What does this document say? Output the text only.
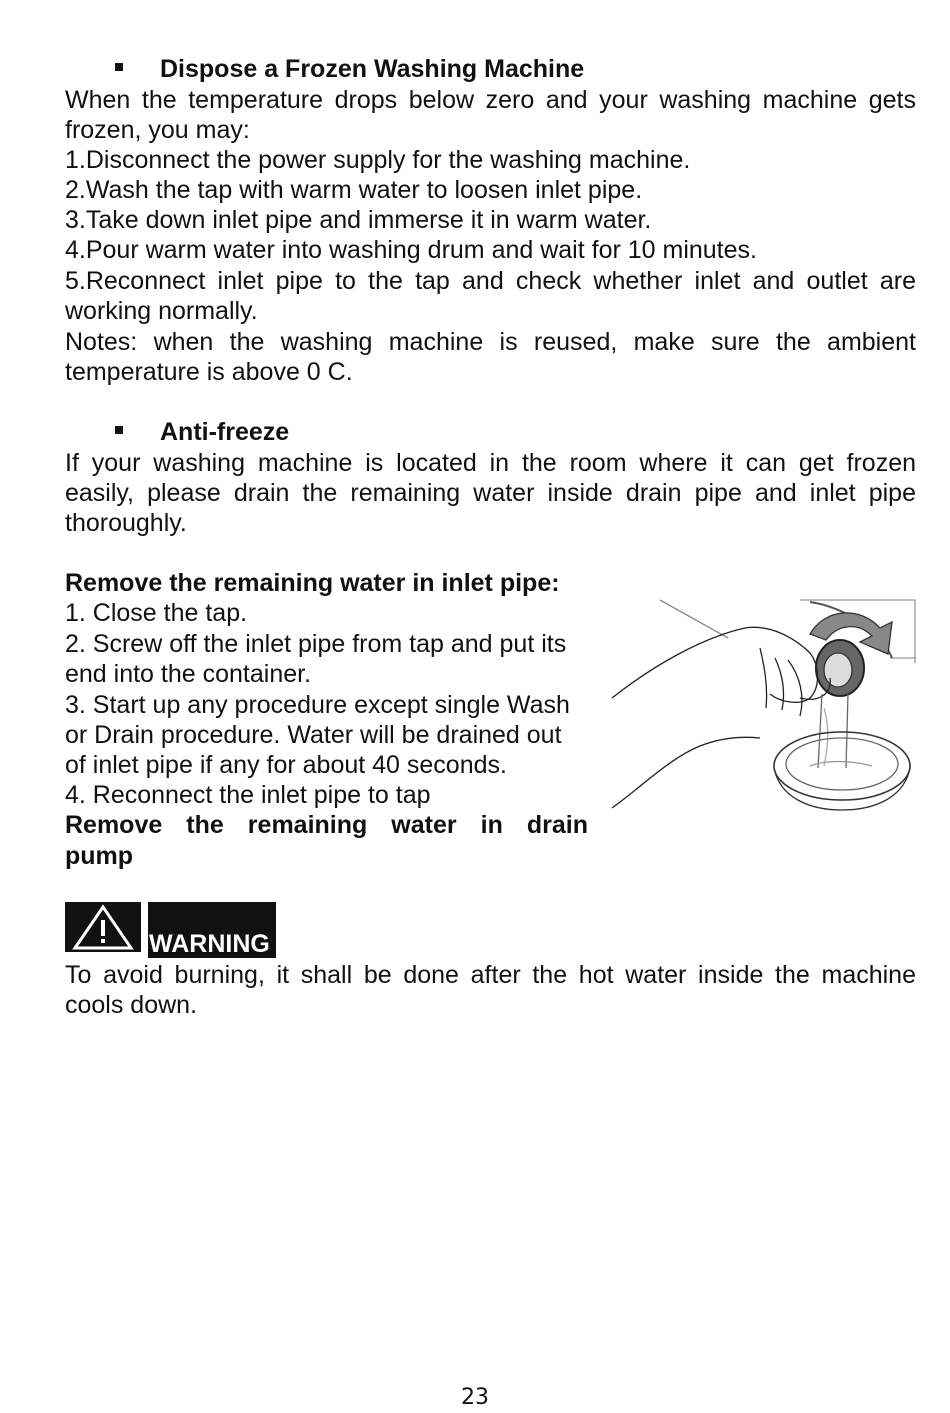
Dispose a Frozen Washing Machine
When the temperature drops below zero and your washing machine gets
frozen, you may:
1.Disconnect the power supply for the washing machine.
2.Wash the tap with warm water to loosen inlet pipe.
3.Take down inlet pipe and immerse it in warm water.
4.Pour warm water into washing drum and wait for 10 minutes.
5.Reconnect inlet pipe to the tap and check whether inlet and outlet are
working normally.
Notes: when the washing machine is reused, make sure the ambient
temperature is above 0 C.
Anti-freeze
If your washing machine is located in the room where it can get frozen
easily, please drain the remaining water inside drain pipe and inlet pipe
thoroughly.
Remove the remaining water in inlet pipe:
1. Close the tap.
2. Screw off the inlet pipe from tap and put its
end into the container.
3. Start up any procedure except single Wash
or Drain procedure. Water will be drained out
of inlet pipe if any for about 40 seconds.
4. Reconnect the inlet pipe to tap
Remove the remaining water in drain
pump
WARNING
To avoid burning, it shall be done after the hot water inside the machine
cools down.
23
